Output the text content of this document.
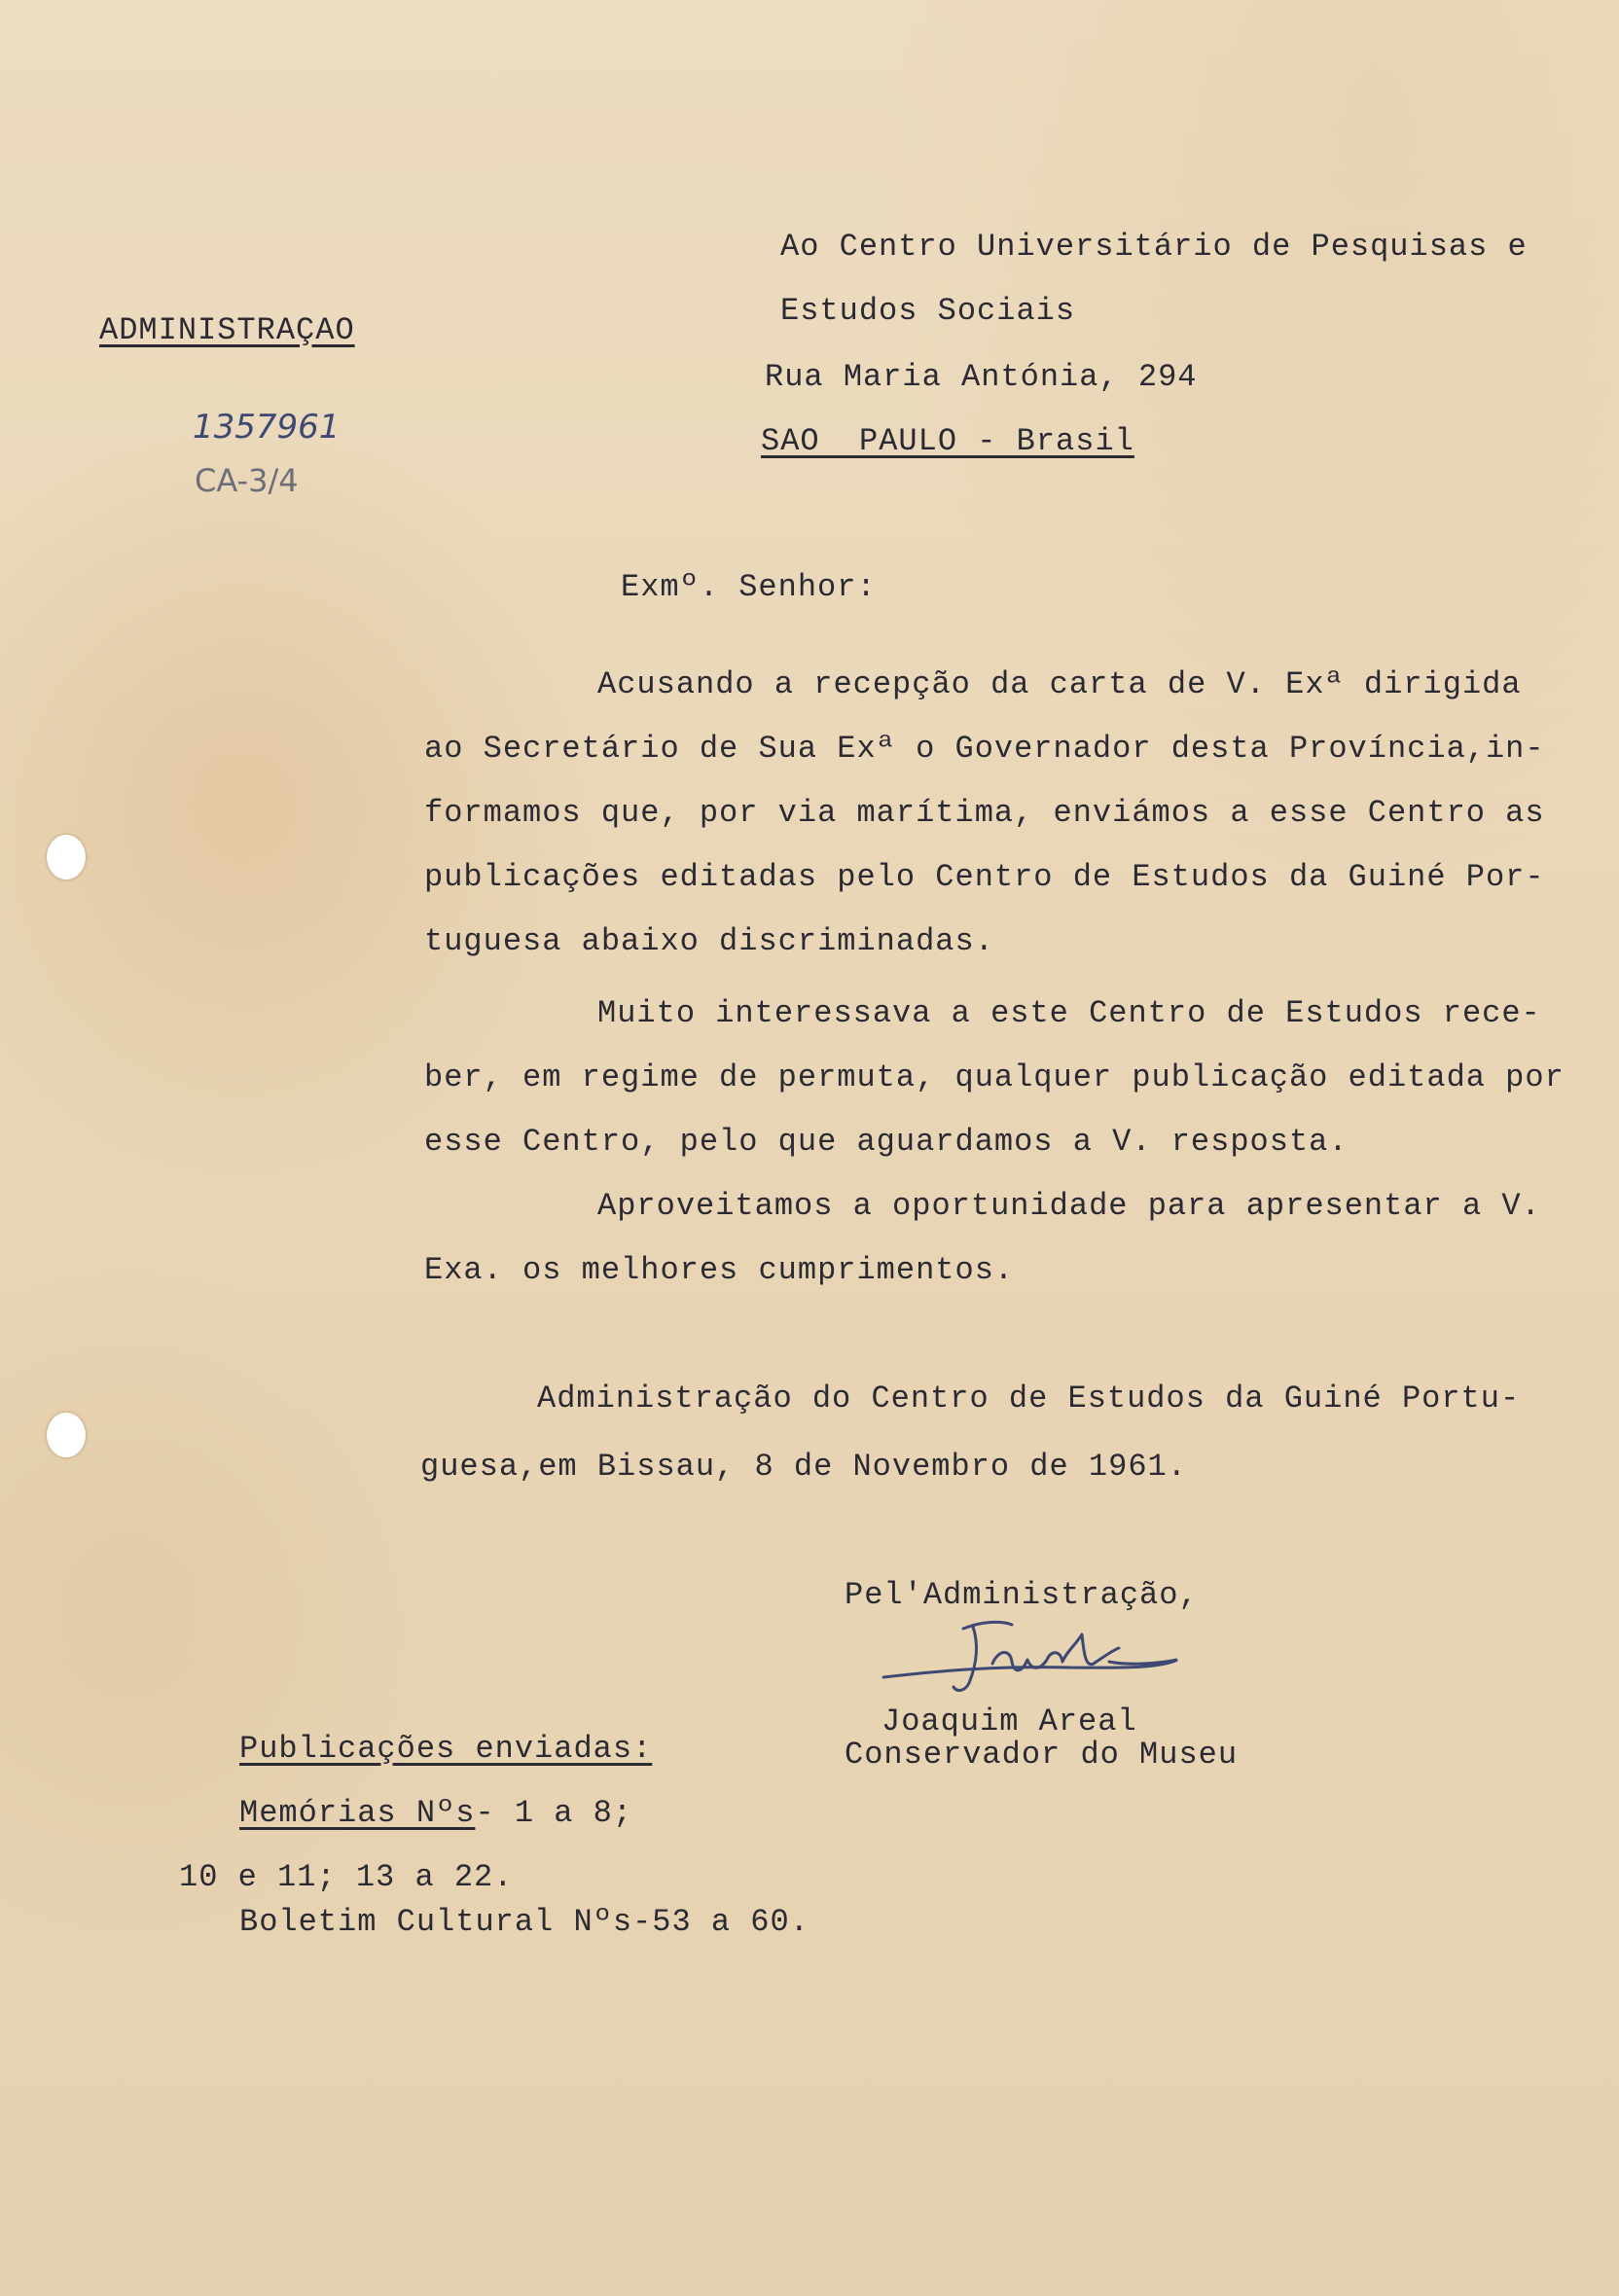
ADMINISTRAÇAO
1357961
CA-3/4
Ao Centro Universitário de Pesquisas e
Estudos Sociais
Rua Maria Antónia, 294
SAO  PAULO - Brasil
Exmº. Senhor:
Acusando a recepção da carta de V. Exª dirigida
ao Secretário de Sua Exª o Governador desta Província,in-
formamos que, por via marítima, enviámos a esse Centro as
publicações editadas pelo Centro de Estudos da Guiné Por-
tuguesa abaixo discriminadas.
Muito interessava a este Centro de Estudos rece-
ber, em regime de permuta, qualquer publicação editada por
esse Centro, pelo que aguardamos a V. resposta.
Aproveitamos a oportunidade para apresentar a V.
Exa. os melhores cumprimentos.
Administração do Centro de Estudos da Guiné Portu-
guesa,em Bissau, 8 de Novembro de 1961.
Pel'Administração,
Joaquim Areal
Conservador do Museu
Publicações enviadas:
Memórias Nºs- 1 a 8;
10 e 11; 13 a 22.
Boletim Cultural Nºs-53 a 60.
